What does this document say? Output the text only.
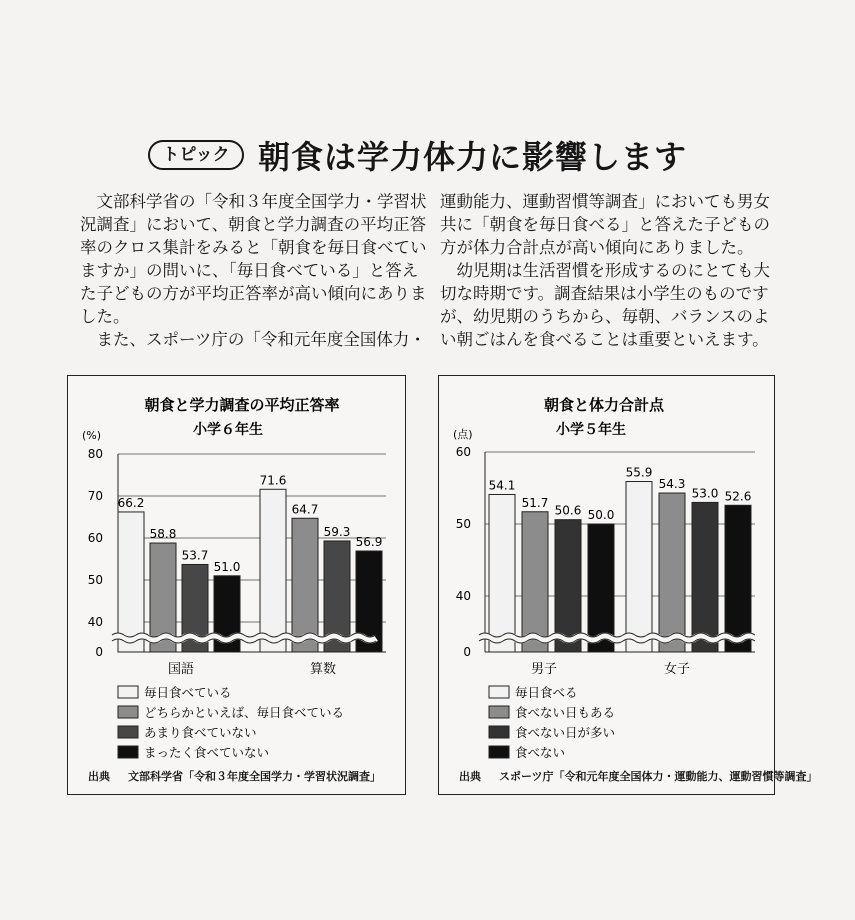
トピック 朝食は学力体力に影響します

文部科学省の「令和３年度全国学力・学習状況調査」において、朝食と学力調査の平均正答率のクロス集計をみると「朝食を毎日食べていますか」の問いに、「毎日食べている」と答えた子どもの方が平均正答率が高い傾向にありました。

また、スポーツ庁の「令和元年度全国体力・

運動能力、運動習慣等調査」においても男女共に「朝食を毎日食べる」と答えた子どもの方が体力合計点が高い傾向にありました。

幼児期は生活習慣を形成するのにとても大切な時期です。調査結果は小学生のものですが、幼児期のうちから、毎朝、バランスのよい朝ごはんを食べることは重要といえます。

朝食と学力調査の平均正答率
小学６年生
(%)
0
40
50
60
70
80
66.2
71.6
58.8
64.7
53.7
59.3
51.0
56.9
国語	算数
毎日食べている
どちらかといえば、毎日食べている
あまり食べていない
まったく食べていない
出典 文部科学省「令和３年度全国学力・学習状況調査」
朝食と体力合計点
小学５年生
(点)
0
40
50
60
54.1
55.9
51.7
54.3
50.6
53.0
50.0
52.6
男子	女子
毎日食べる
食べない日もある
食べない日が多い
食べない
出典 スポーツ庁「令和元年度全国体力・運動能力、運動習慣等調査」
